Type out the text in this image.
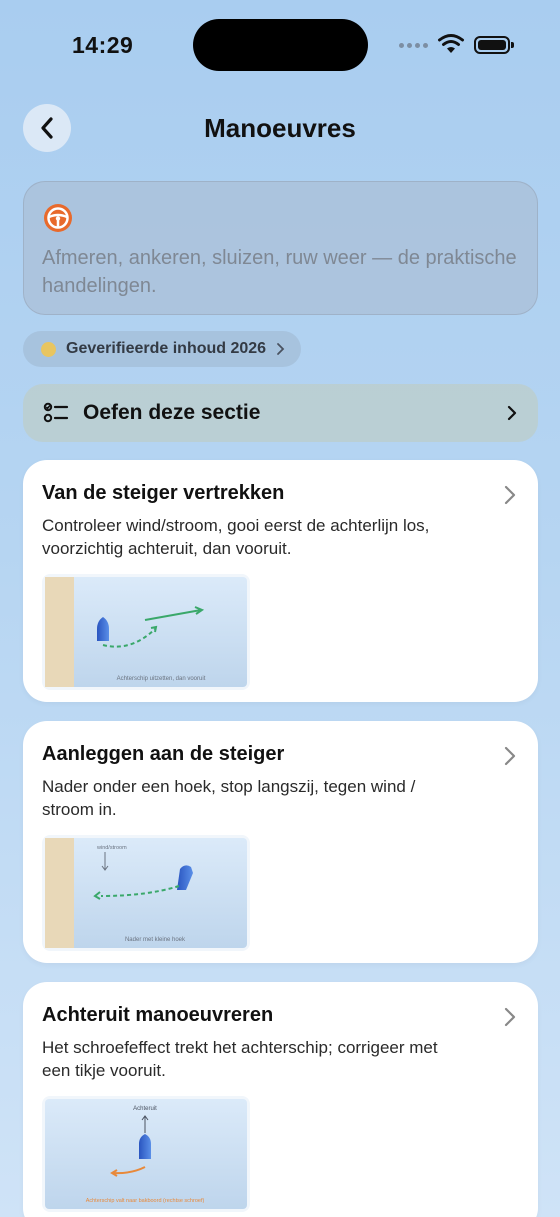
14:29
Manoeuvres
Afmeren, ankeren, sluizen, ruw weer — de praktische handelingen.
Geverifieerde inhoud 2026
Oefen deze sectie
Van de steiger vertrekken
Controleer wind/stroom, gooi eerst de achterlijn los, voorzichtig achteruit, dan vooruit.
Achterschip uitzetten, dan vooruit
Aanleggen aan de steiger
Nader onder een hoek, stop langszij, tegen wind / stroom in.
wind/stroom
Nader met kleine hoek
Achteruit manoeuvreren
Het schroefeffect trekt het achterschip; corrigeer met een tikje vooruit.
Achteruit
Achterschip valt naar bakboord (rechtse schroef)
